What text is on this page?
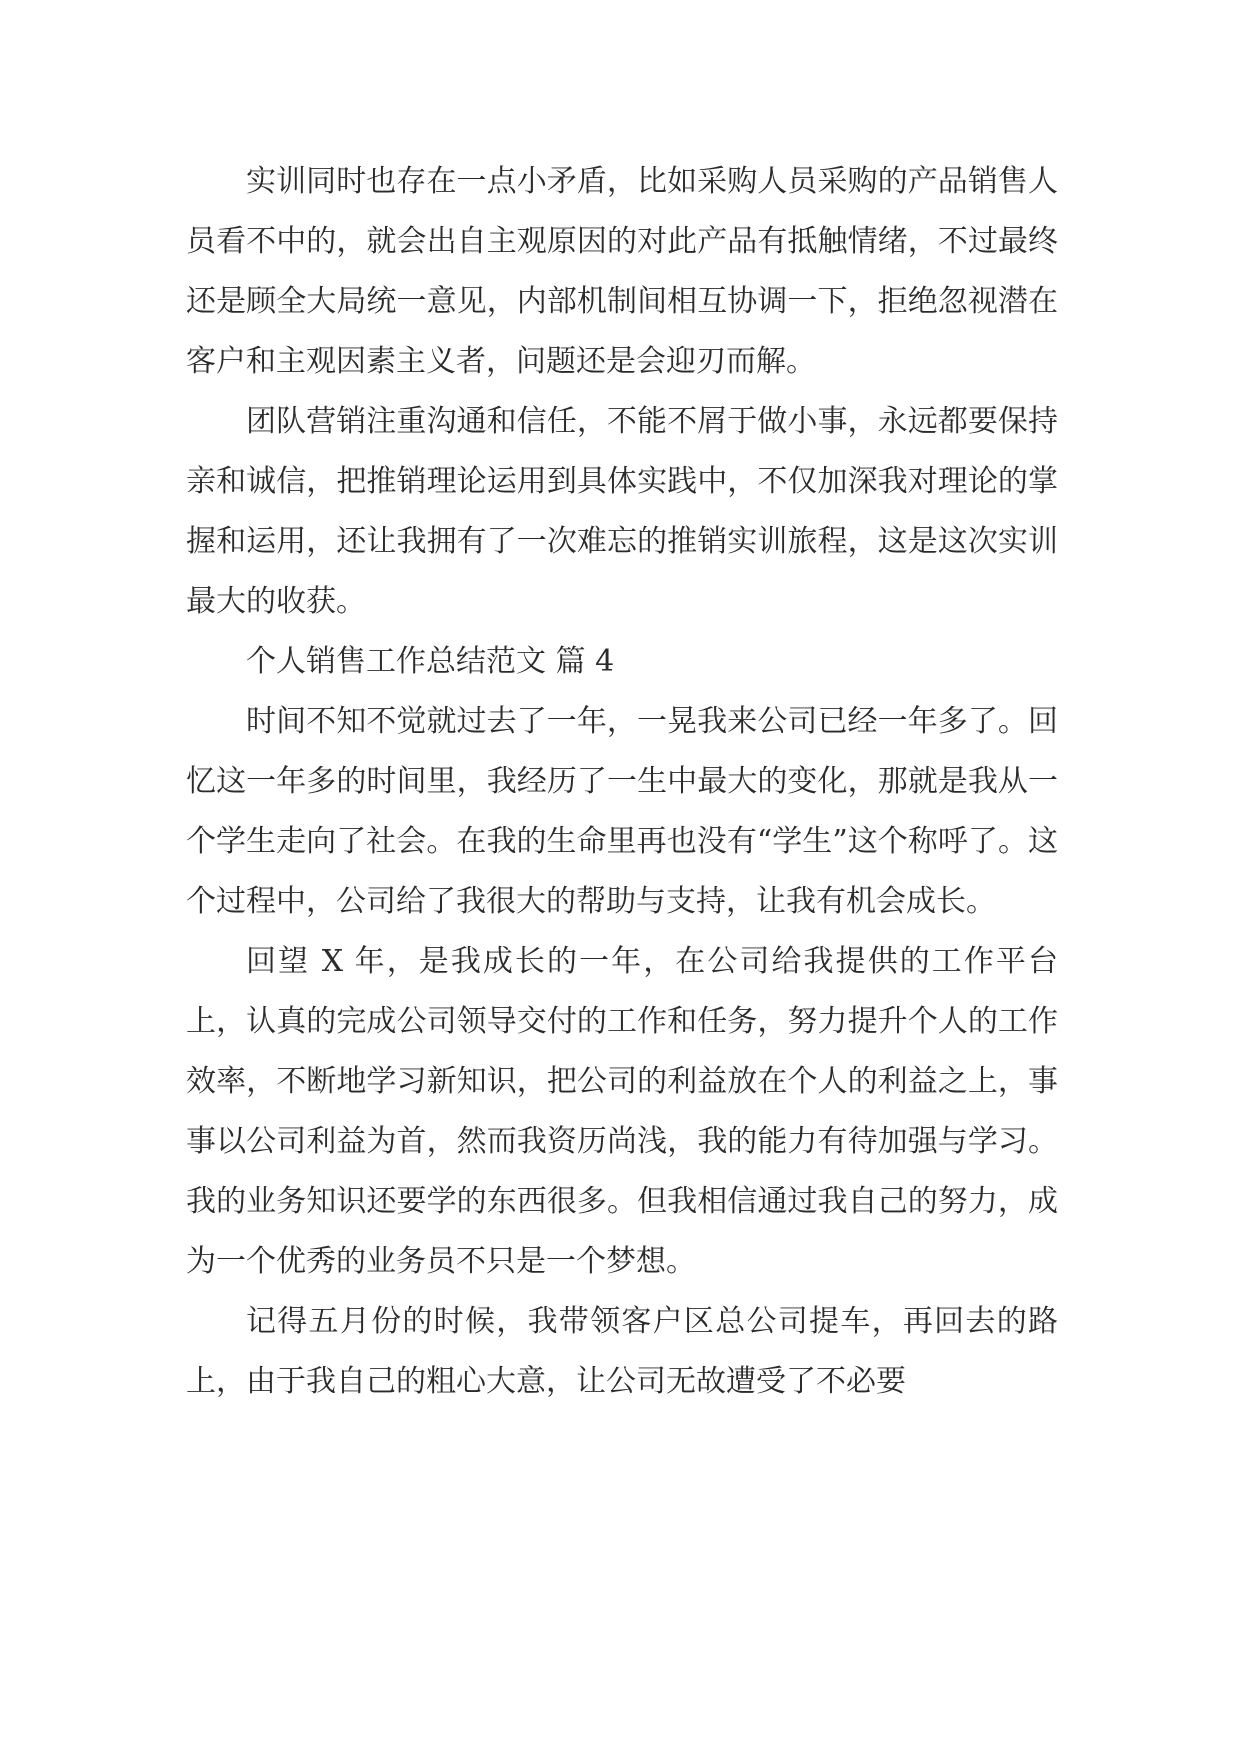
实训同时也存在一点小矛盾，比如采购人员采购的产品销售人员看不中的，就会出自主观原因的对此产品有抵触情绪，不过最终还是顾全大局统一意见，内部机制间相互协调一下，拒绝忽视潜在客户和主观因素主义者，问题还是会迎刃而解。

团队营销注重沟通和信任，不能不屑于做小事，永远都要保持亲和诚信，把推销理论运用到具体实践中，不仅加深我对理论的掌握和运用，还让我拥有了一次难忘的推销实训旅程，这是这次实训最大的收获。

个人销售工作总结范文 篇 4

时间不知不觉就过去了一年，一晃我来公司已经一年多了。回忆这一年多的时间里，我经历了一生中最大的变化，那就是我从一个学生走向了社会。在我的生命里再也没有“学生”这个称呼了。这个过程中，公司给了我很大的帮助与支持，让我有机会成长。

回望 X 年，是我成长的一年，在公司给我提供的工作平台上，认真的完成公司领导交付的工作和任务，努力提升个人的工作效率，不断地学习新知识，把公司的利益放在个人的利益之上，事事以公司利益为首，然而我资历尚浅，我的能力有待加强与学习。我的业务知识还要学的东西很多。但我相信通过我自己的努力，成为一个优秀的业务员不只是一个梦想。

记得五月份的时候，我带领客户区总公司提车，再回去的路上，由于我自己的粗心大意，让公司无故遭受了不必要
